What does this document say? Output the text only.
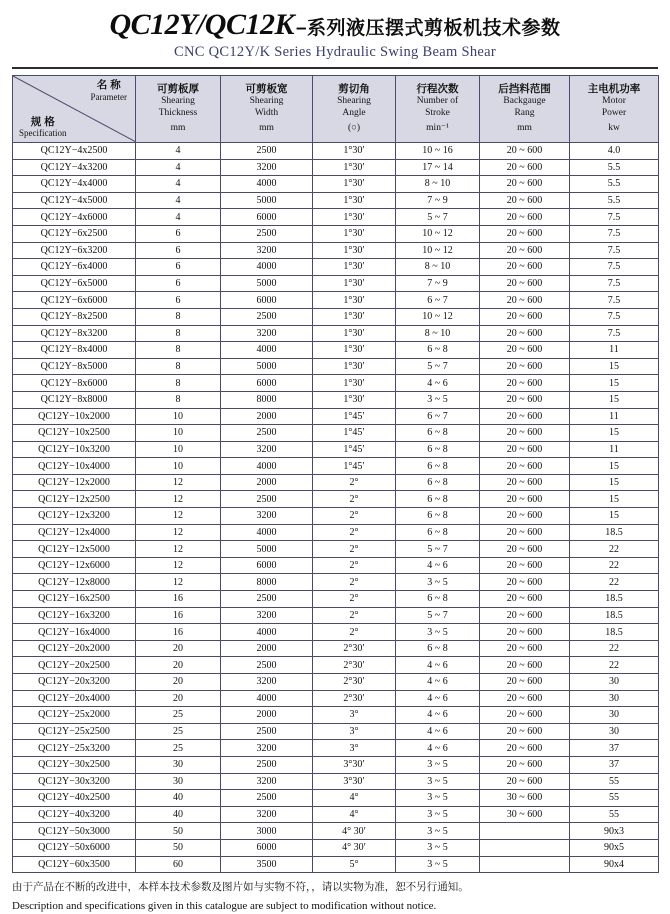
QC12Y/QC12K –系列液压摆式剪板机技术参数
CNC QC12Y/K Series Hydraulic Swing Beam Shear
名 称
Parameter
规 格
Specification

可剪板厚
Shearing
Thickness
mm

可剪板宽
Shearing
Width
mm

剪切角
Shearing
Angle
(○)

行程次数
Number of
Stroke
min⁻¹

后挡料范围
Backgauge
Rang
mm

主电机功率
Motor
Power
kw

QC12Y−4x2500	4	2500	1°30′	10 ~ 16	20 ~ 600	4.0
QC12Y−4x3200	4	3200	1°30′	17 ~ 14	20 ~ 600	5.5
QC12Y−4x4000	4	4000	1°30′	8 ~ 10	20 ~ 600	5.5
QC12Y−4x5000	4	5000	1°30′	7 ~ 9	20 ~ 600	5.5
QC12Y−4x6000	4	6000	1°30′	5 ~ 7	20 ~ 600	7.5
QC12Y−6x2500	6	2500	1°30′	10 ~ 12	20 ~ 600	7.5
QC12Y−6x3200	6	3200	1°30′	10 ~ 12	20 ~ 600	7.5
QC12Y−6x4000	6	4000	1°30′	8 ~ 10	20 ~ 600	7.5
QC12Y−6x5000	6	5000	1°30′	7 ~ 9	20 ~ 600	7.5
QC12Y−6x6000	6	6000	1°30′	6 ~ 7	20 ~ 600	7.5
QC12Y−8x2500	8	2500	1°30′	10 ~ 12	20 ~ 600	7.5
QC12Y−8x3200	8	3200	1°30′	8 ~ 10	20 ~ 600	7.5
QC12Y−8x4000	8	4000	1°30′	6 ~ 8	20 ~ 600	11
QC12Y−8x5000	8	5000	1°30′	5 ~ 7	20 ~ 600	15
QC12Y−8x6000	8	6000	1°30′	4 ~ 6	20 ~ 600	15
QC12Y−8x8000	8	8000	1°30′	3 ~ 5	20 ~ 600	15
QC12Y−10x2000	10	2000	1°45′	6 ~ 7	20 ~ 600	11
QC12Y−10x2500	10	2500	1°45′	6 ~ 8	20 ~ 600	15
QC12Y−10x3200	10	3200	1°45′	6 ~ 8	20 ~ 600	11
QC12Y−10x4000	10	4000	1°45′	6 ~ 8	20 ~ 600	15
QC12Y−12x2000	12	2000	2°	6 ~ 8	20 ~ 600	15
QC12Y−12x2500	12	2500	2°	6 ~ 8	20 ~ 600	15
QC12Y−12x3200	12	3200	2°	6 ~ 8	20 ~ 600	15
QC12Y−12x4000	12	4000	2°	6 ~ 8	20 ~ 600	18.5
QC12Y−12x5000	12	5000	2°	5 ~ 7	20 ~ 600	22
QC12Y−12x6000	12	6000	2°	4 ~ 6	20 ~ 600	22
QC12Y−12x8000	12	8000	2°	3 ~ 5	20 ~ 600	22
QC12Y−16x2500	16	2500	2°	6 ~ 8	20 ~ 600	18.5
QC12Y−16x3200	16	3200	2°	5 ~ 7	20 ~ 600	18.5
QC12Y−16x4000	16	4000	2°	3 ~ 5	20 ~ 600	18.5
QC12Y−20x2000	20	2000	2°30′	6 ~ 8	20 ~ 600	22
QC12Y−20x2500	20	2500	2°30′	4 ~ 6	20 ~ 600	22
QC12Y−20x3200	20	3200	2°30′	4 ~ 6	20 ~ 600	30
QC12Y−20x4000	20	4000	2°30′	4 ~ 6	20 ~ 600	30
QC12Y−25x2000	25	2000	3°	4 ~ 6	20 ~ 600	30
QC12Y−25x2500	25	2500	3°	4 ~ 6	20 ~ 600	30
QC12Y−25x3200	25	3200	3°	4 ~ 6	20 ~ 600	37
QC12Y−30x2500	30	2500	3°30′	3 ~ 5	20 ~ 600	37
QC12Y−30x3200	30	3200	3°30′	3 ~ 5	20 ~ 600	55
QC12Y−40x2500	40	2500	4°	3 ~ 5	30 ~ 600	55
QC12Y−40x3200	40	3200	4°	3 ~ 5	30 ~ 600	55
QC12Y−50x3000	50	3000	4° 30′	3 ~ 5		90x3
QC12Y−50x6000	50	6000	4° 30′	3 ~ 5		90x5
QC12Y−60x3500	60	3500	5°	3 ~ 5		90x4
由于产品在不断的改进中，本样本技术参数及图片如与实物不符，，请以实物为准，恕不另行通知。
Description and specifications given in this catalogue are subject to modification without notice.
